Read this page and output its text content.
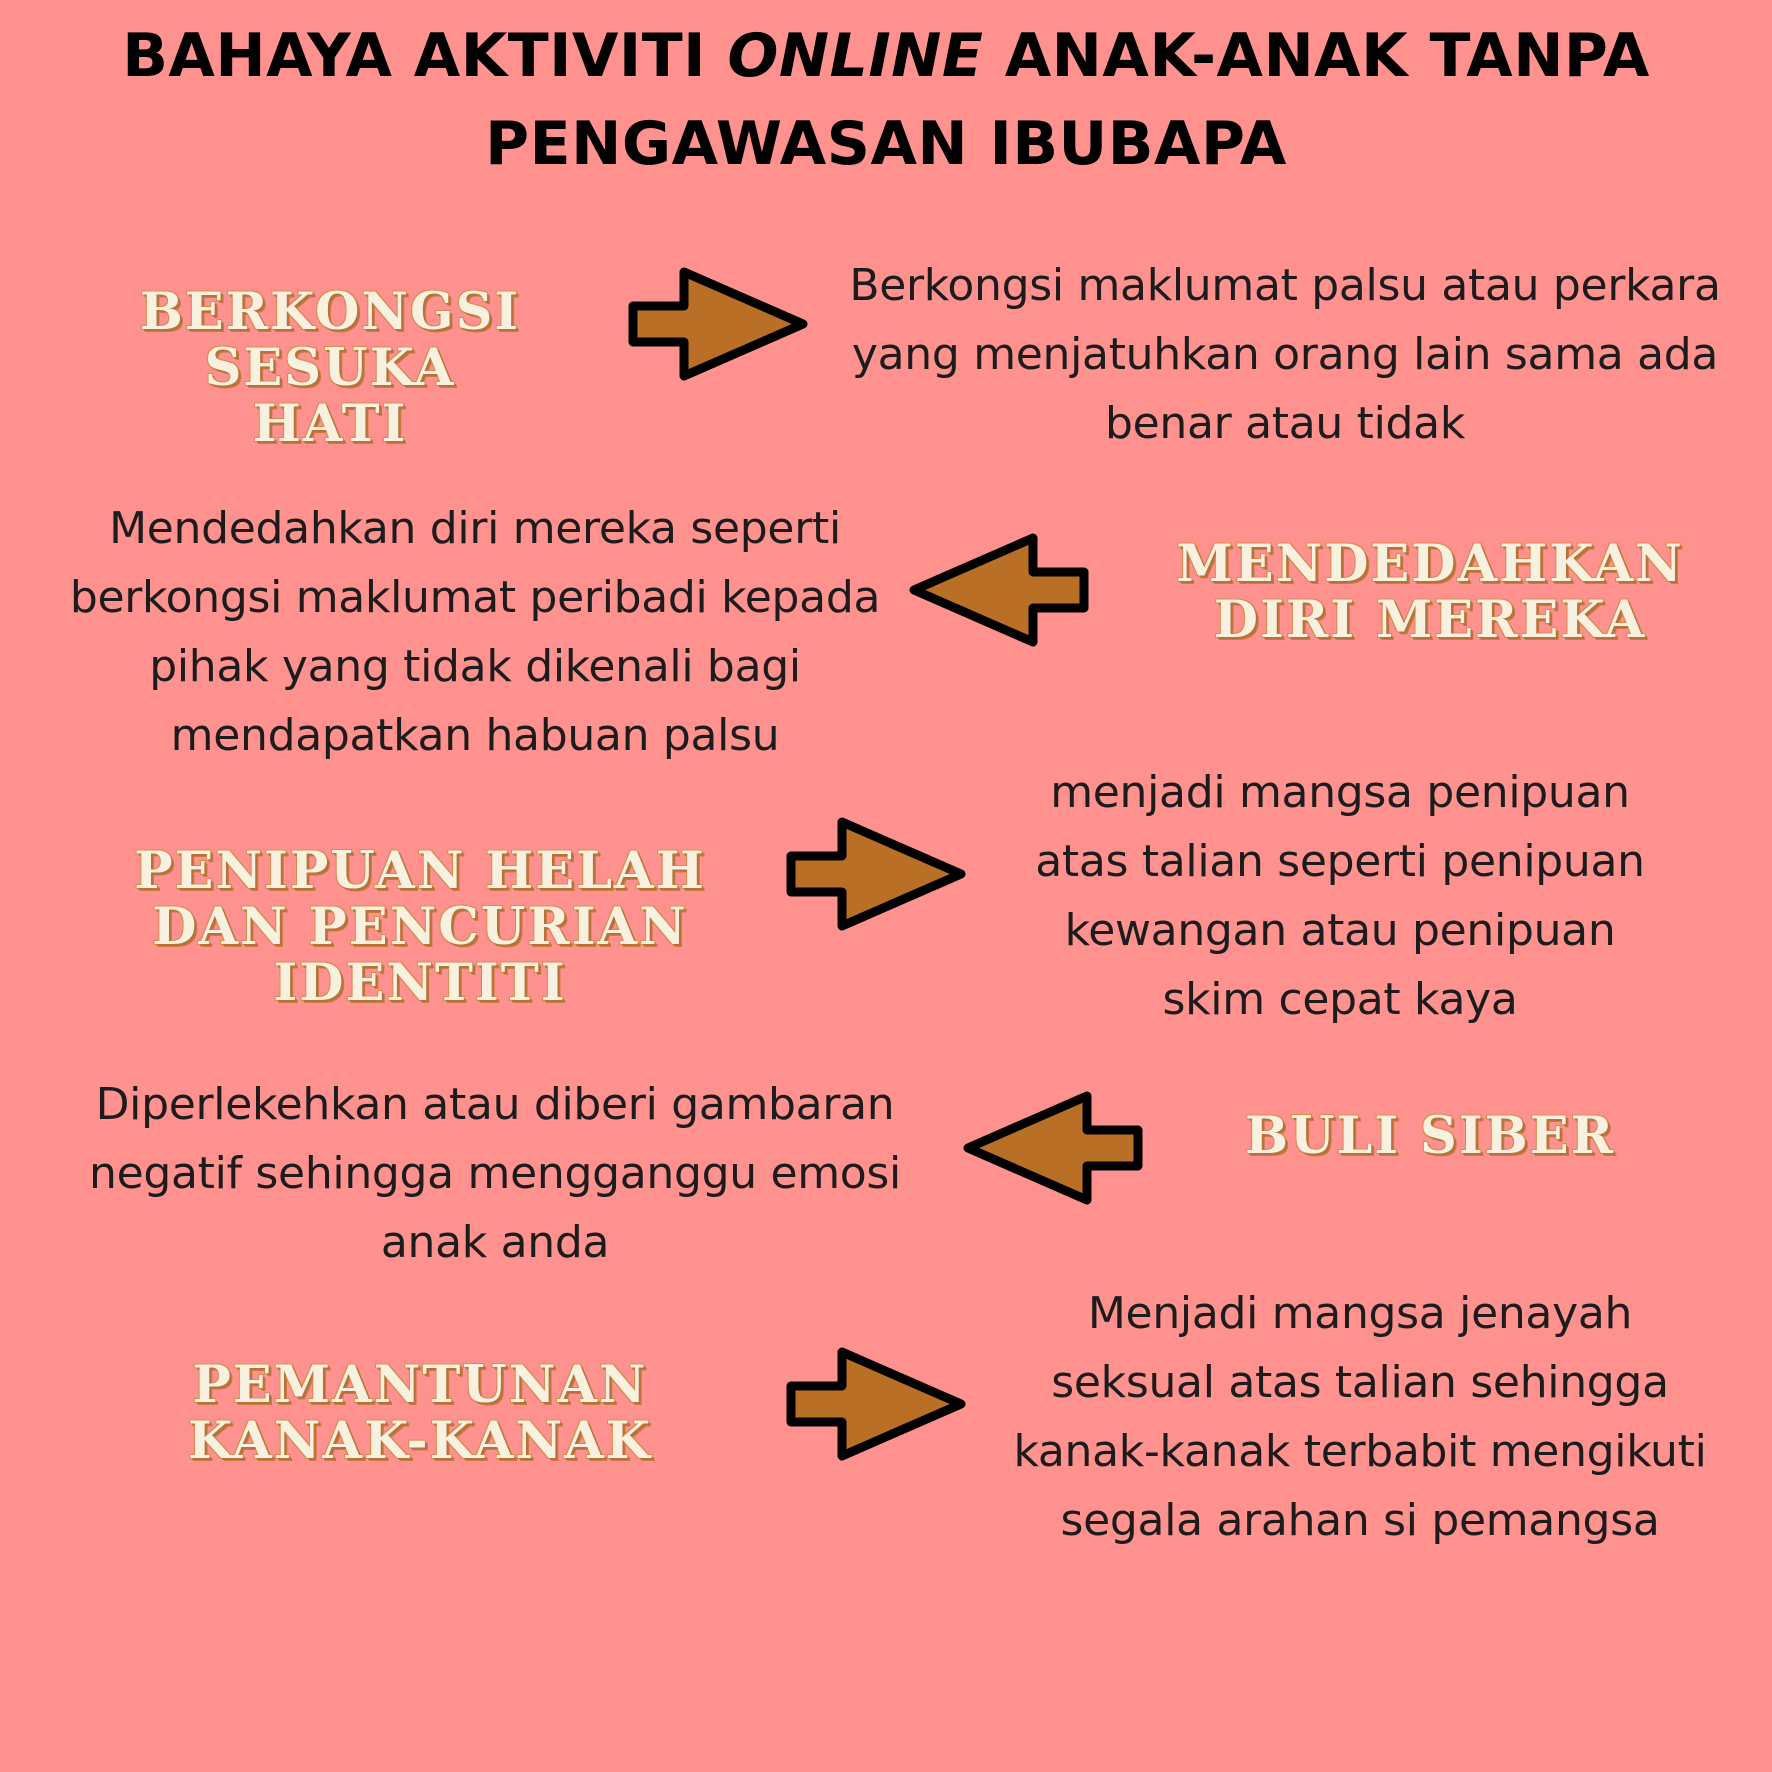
BAHAYA AKTIVITI ONLINE ANAK-ANAK TANPA
PENGAWASAN IBUBAPA
BERKONGSI
SESUKA
HATI
Berkongsi maklumat palsu atau perkara
yang menjatuhkan orang lain sama ada
benar atau tidak
Mendedahkan diri mereka seperti
berkongsi maklumat peribadi kepada
pihak yang tidak dikenali bagi
mendapatkan habuan palsu
MENDEDAHKAN
DIRI MEREKA
PENIPUAN HELAH
DAN PENCURIAN
IDENTITI
menjadi mangsa penipuan
atas talian seperti penipuan
kewangan atau penipuan
skim cepat kaya
Diperlekehkan atau diberi gambaran
negatif sehingga mengganggu emosi
anak anda
BULI SIBER
PEMANTUNAN
KANAK-KANAK
Menjadi mangsa jenayah
seksual atas talian sehingga
kanak-kanak terbabit mengikuti
segala arahan si pemangsa
